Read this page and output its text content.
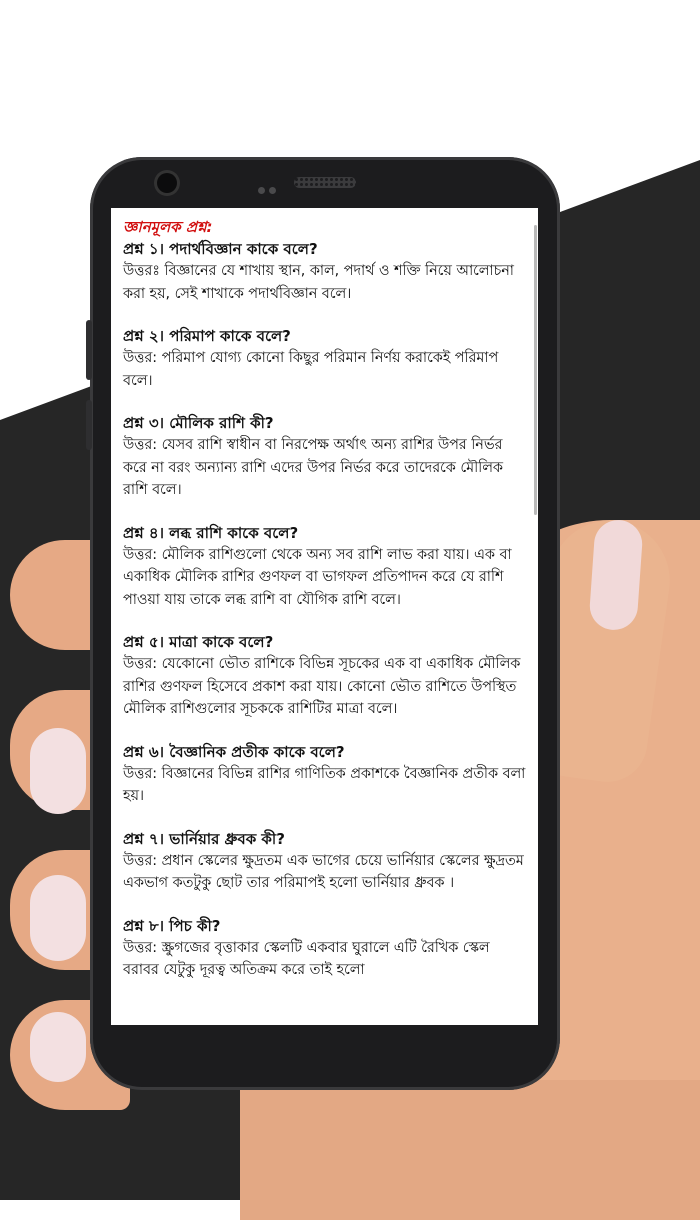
জ্ঞানমূলক প্রশ্ন:

প্রশ্ন ১। পদার্থবিজ্ঞান কাকে বলে?

উত্তরঃ বিজ্ঞানের যে শাখায় স্থান, কাল, পদার্থ ও শক্তি নিয়ে আলোচনা করা হয়, সেই শাখাকে পদার্থবিজ্ঞান বলে।

প্রশ্ন ২। পরিমাপ কাকে বলে?

উত্তর: পরিমাপ যোগ্য কোনো কিছুর পরিমান নির্ণয় করাকেই পরিমাপ বলে।

প্রশ্ন ৩। মৌলিক রাশি কী?

উত্তর: যেসব রাশি স্বাধীন বা নিরপেক্ষ অর্থাৎ অন্য রাশির উপর নির্ভর করে না বরং অন্যান্য রাশি এদের উপর নির্ভর করে তাদেরকে মৌলিক রাশি বলে।

প্রশ্ন ৪। লব্ধ রাশি কাকে বলে?

উত্তর: মৌলিক রাশিগুলো থেকে অন্য সব রাশি লাভ করা যায়। এক বা একাধিক মৌলিক রাশির গুণফল বা ভাগফল প্রতিপাদন করে যে রাশি পাওয়া যায় তাকে লব্ধ রাশি বা যৌগিক রাশি বলে।

প্রশ্ন ৫। মাত্রা কাকে বলে?

উত্তর: যেকোনো ভৌত রাশিকে বিভিন্ন সূচকের এক বা একাধিক মৌলিক রাশির গুণফল হিসেবে প্রকাশ করা যায়। কোনো ভৌত রাশিতে উপস্থিত মৌলিক রাশিগুলোর সূচককে রাশিটির মাত্রা বলে।

প্রশ্ন ৬। বৈজ্ঞানিক প্রতীক কাকে বলে?

উত্তর: বিজ্ঞানের বিভিন্ন রাশির গাণিতিক প্রকাশকে বৈজ্ঞানিক প্রতীক বলা হয়।

প্রশ্ন ৭। ভার্নিয়ার ধ্রুবক কী?

উত্তর: প্রধান স্কেলের ক্ষুদ্রতম এক ভাগের চেয়ে ভার্নিয়ার স্কেলের ক্ষুদ্রতম একভাগ কতটুকু ছোট তার পরিমাপই হলো ভার্নিয়ার ধ্রুবক ।

প্রশ্ন ৮। পিচ কী?

উত্তর: স্ক্রুগজের বৃত্তাকার স্কেলটি একবার ঘুরালে এটি রৈখিক স্কেল বরাবর যেটুকু দূরত্ব অতিক্রম করে তাই হলো
